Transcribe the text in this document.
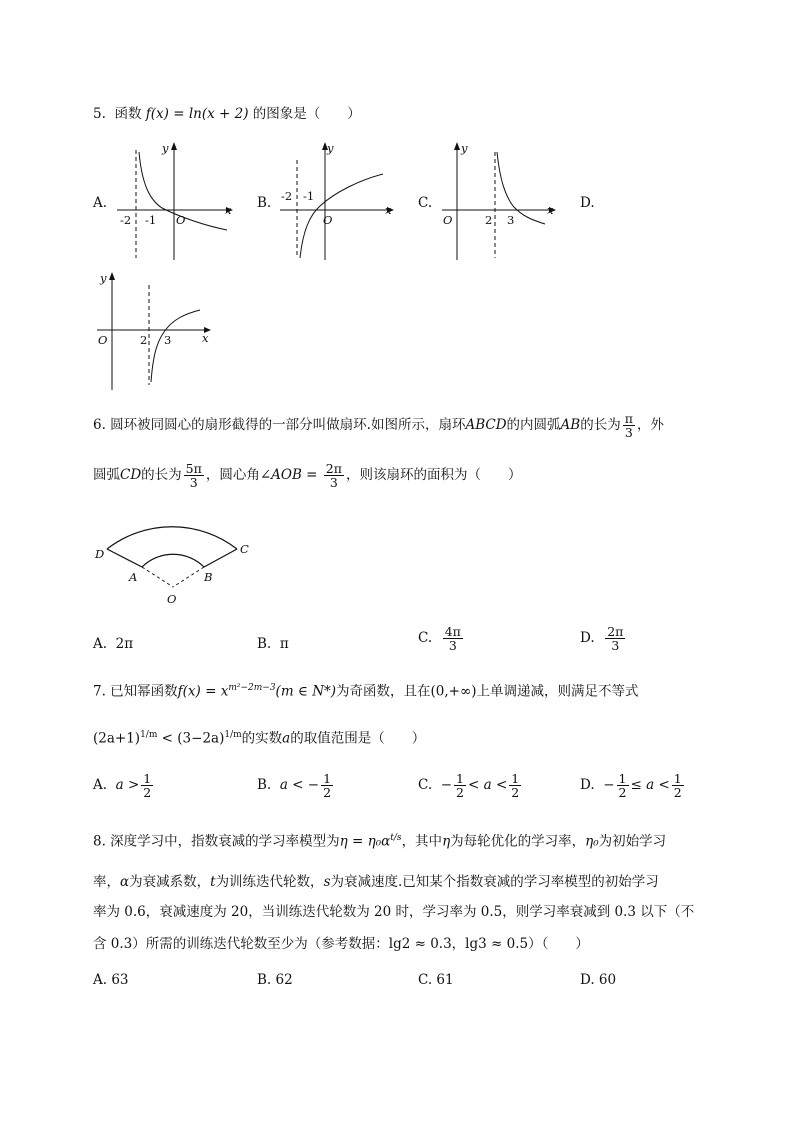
5. 函数 f(x) = ln(x + 2) 的图象是（　　）
A.
y
x
O
-2 -1
B.
y
x
O
-2 -1	C.
y
x
O	2 3
D.
y
x
O	2 3
6. 圆环被同圆心的扇形截得的一部分叫做扇环.如图所示，扇环ABCD的内圆弧AB的长为 $\frac{\pi}{3}$ ，外
圆弧CD的长为 $\frac{5\pi}{3}$ ，圆心角∠AOB = $\frac{2\pi}{3}$ ，则该扇环的面积为（　　）
D
A	B
C
O
A. 2π	B. π	C. $\frac{4\pi}{3}$	D. $\frac{2\pi}{3}$
7. 已知幂函数$f(x) = x^{m^2-2m-3}(m$ ∈ N*)为奇函数，且在(0,+∞)上单调递减，则满足不等式
$(2a+1)^{1/m} < (3-2a)^{1/m}$的实数a的取值范围是（　　）
A. $a > \frac{1}{2}$	B. a < − $\frac{1}{2}$	C. − $\frac{1}{2} < a < \frac{1}{2}$	D. − $\frac{1}{2} \le a < \frac{1}{2}$
8. 深度学习中，指数衰减的学习率模型为$\eta = \eta_0\alpha^{t/s}$，其中η为每轮优化的学习率，η₀为初始学习
率，α为衰减系数，t为训练迭代轮数，s为衰减速度.已知某个指数衰减的学习率模型的初始学习
率为 0.6，衰减速度为 20，当训练迭代轮数为 20 时，学习率为 0.5，则学习率衰减到 0.3 以下（不
含 0.3）所需的训练迭代轮数至少为（参考数据：lg2 ≈ 0.3，lg3 ≈ 0.5）（　　）
A. 63	B. 62	C. 61	D. 60
